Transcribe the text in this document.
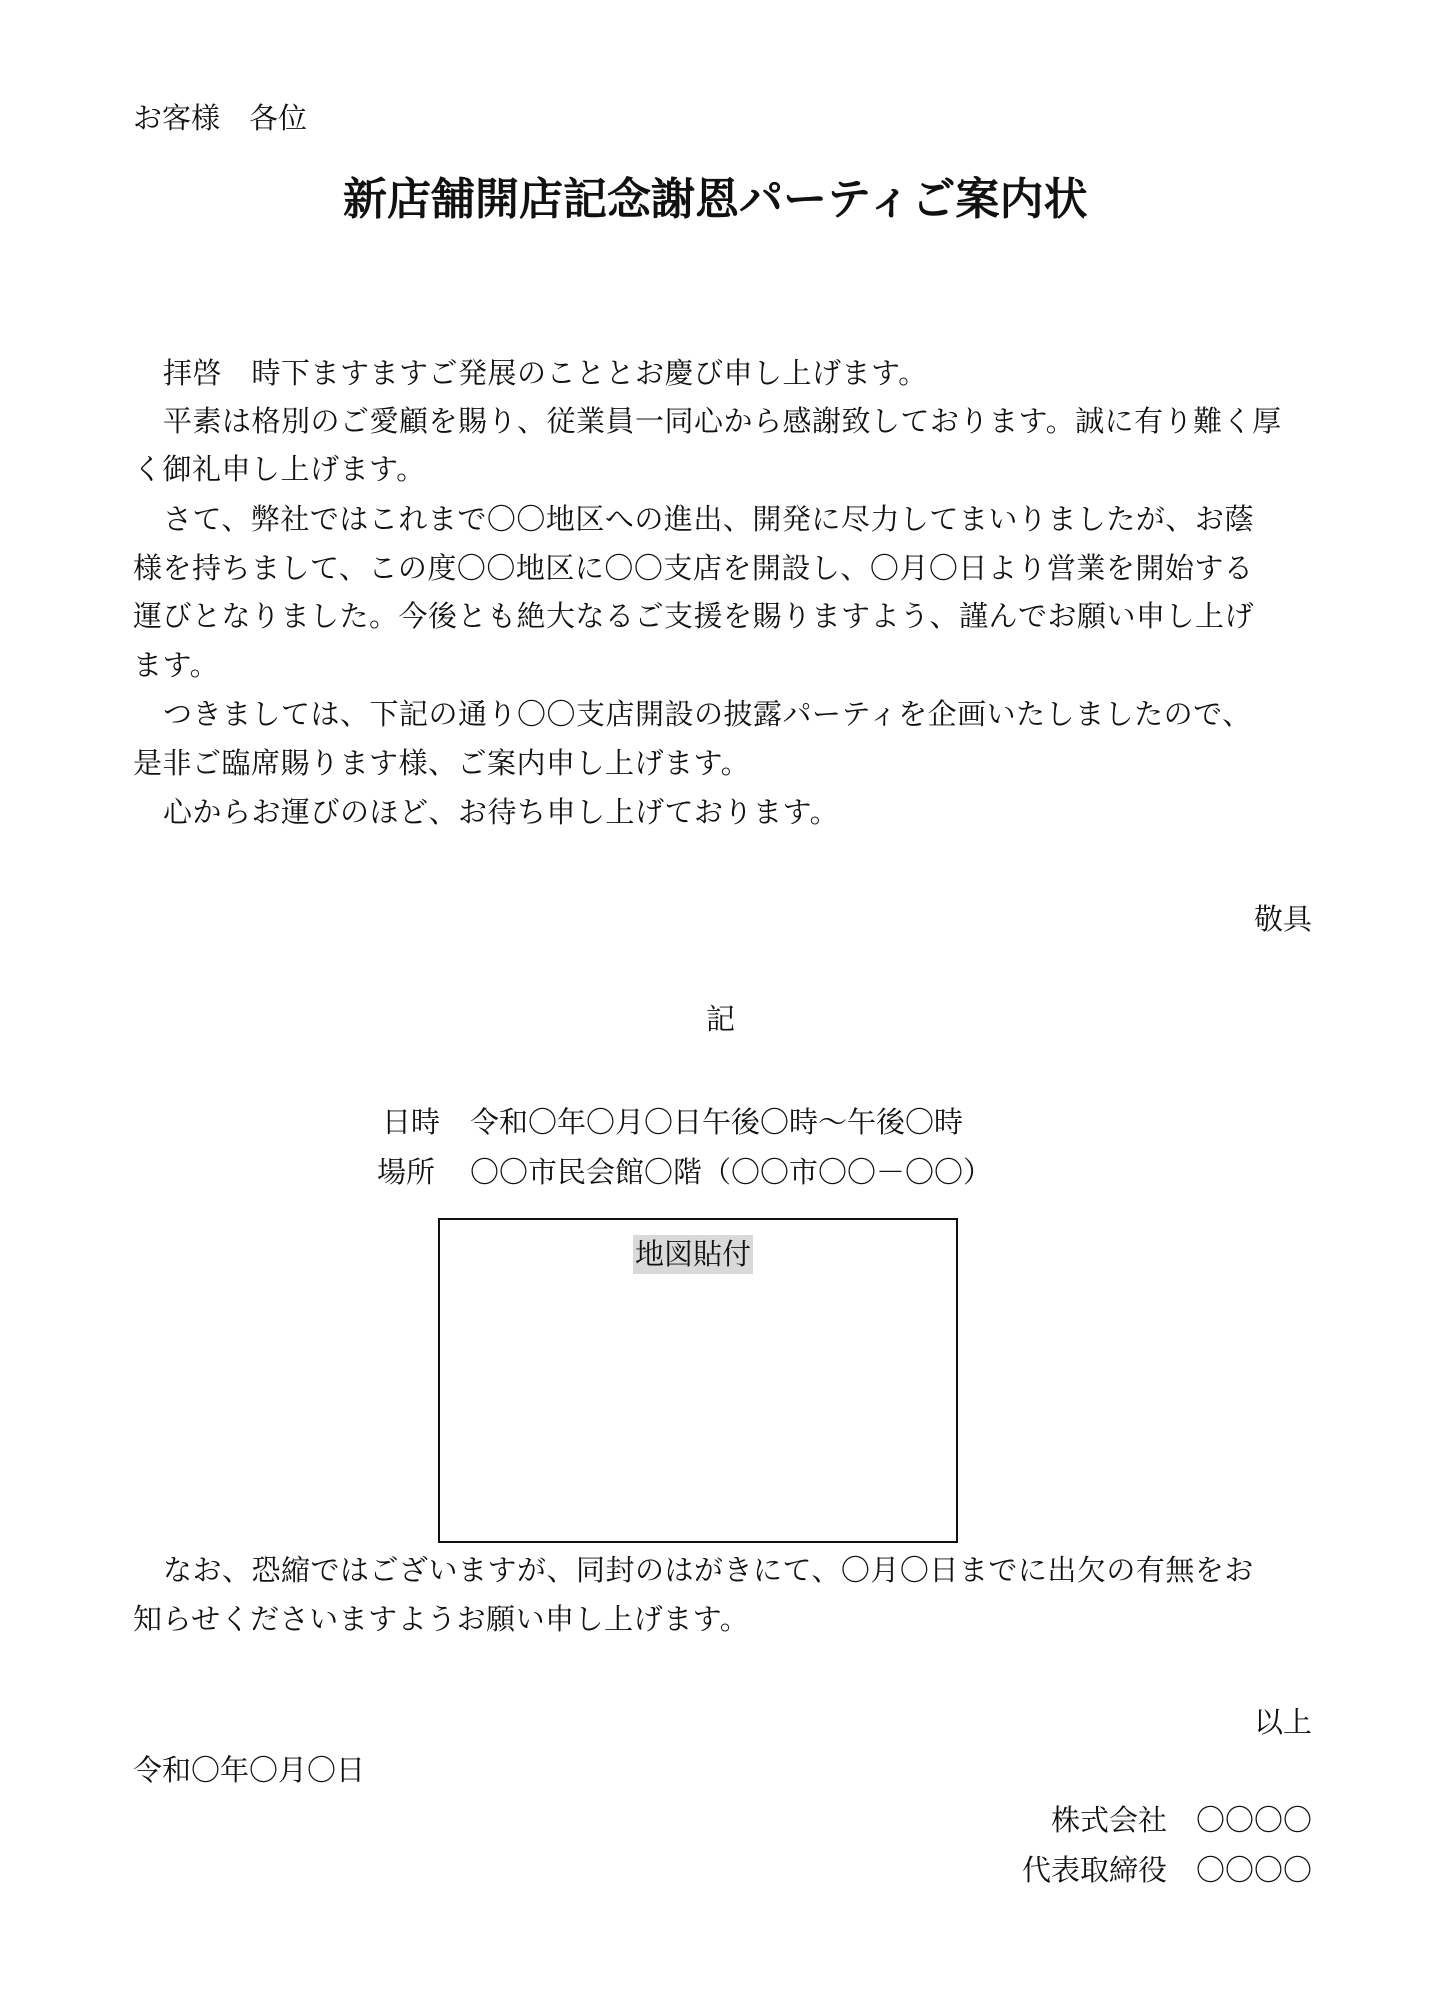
お客様　各位
新店舗開店記念謝恩パーティご案内状
拝啓　時下ますますご発展のこととお慶び申し上げます。
平素は格別のご愛顧を賜り、従業員一同心から感謝致しております。誠に有り難く厚
く御礼申し上げます。
さて、弊社ではこれまで〇〇地区への進出、開発に尽力してまいりましたが、お蔭
様を持ちまして、この度〇〇地区に〇〇支店を開設し、〇月〇日より営業を開始する
運びとなりました。今後とも絶大なるご支援を賜りますよう、謹んでお願い申し上げ
ます。
つきましては、下記の通り〇〇支店開設の披露パーティを企画いたしましたので、
是非ご臨席賜ります様、ご案内申し上げます。
心からお運びのほど、お待ち申し上げております。
敬具
記
日時 令和〇年〇月〇日午後〇時～午後〇時
場所 〇〇市民会館〇階（〇〇市〇〇－〇〇）
地図貼付
なお、恐縮ではございますが、同封のはがきにて、〇月〇日までに出欠の有無をお
知らせくださいますようお願い申し上げます。
以上
令和〇年〇月〇日
株式会社　 〇〇〇〇
代表取締役　 〇〇〇〇
